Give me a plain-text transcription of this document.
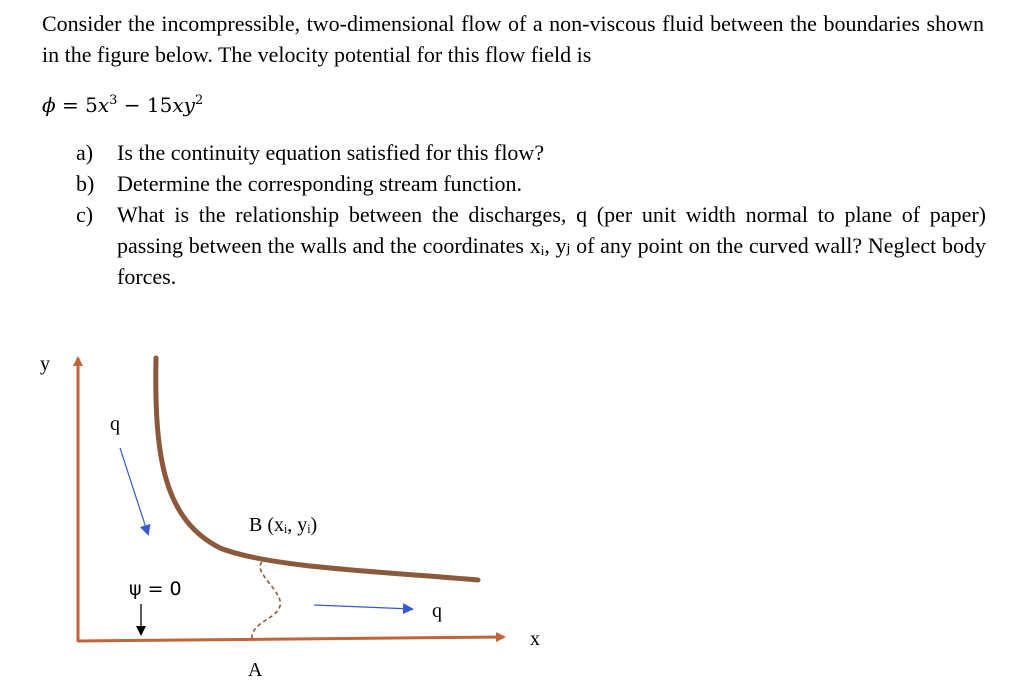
Consider the incompressible, two-dimensional flow of a non-viscous fluid between the boundaries shown in the figure below. The velocity potential for this flow field is
$\phi = 5x^3 - 15xy^2$
a)	Is the continuity equation satisfied for this flow?
b)	Determine the corresponding stream function.
c)	What is the relationship between the discharges, q (per unit width normal to plane of paper) passing between the walls and the coordinates xᵢ, yⱼ of any point on the curved wall? Neglect body forces.
y
x
q
q
B (xᵢ, yᵢ)
ψ = 0
A
